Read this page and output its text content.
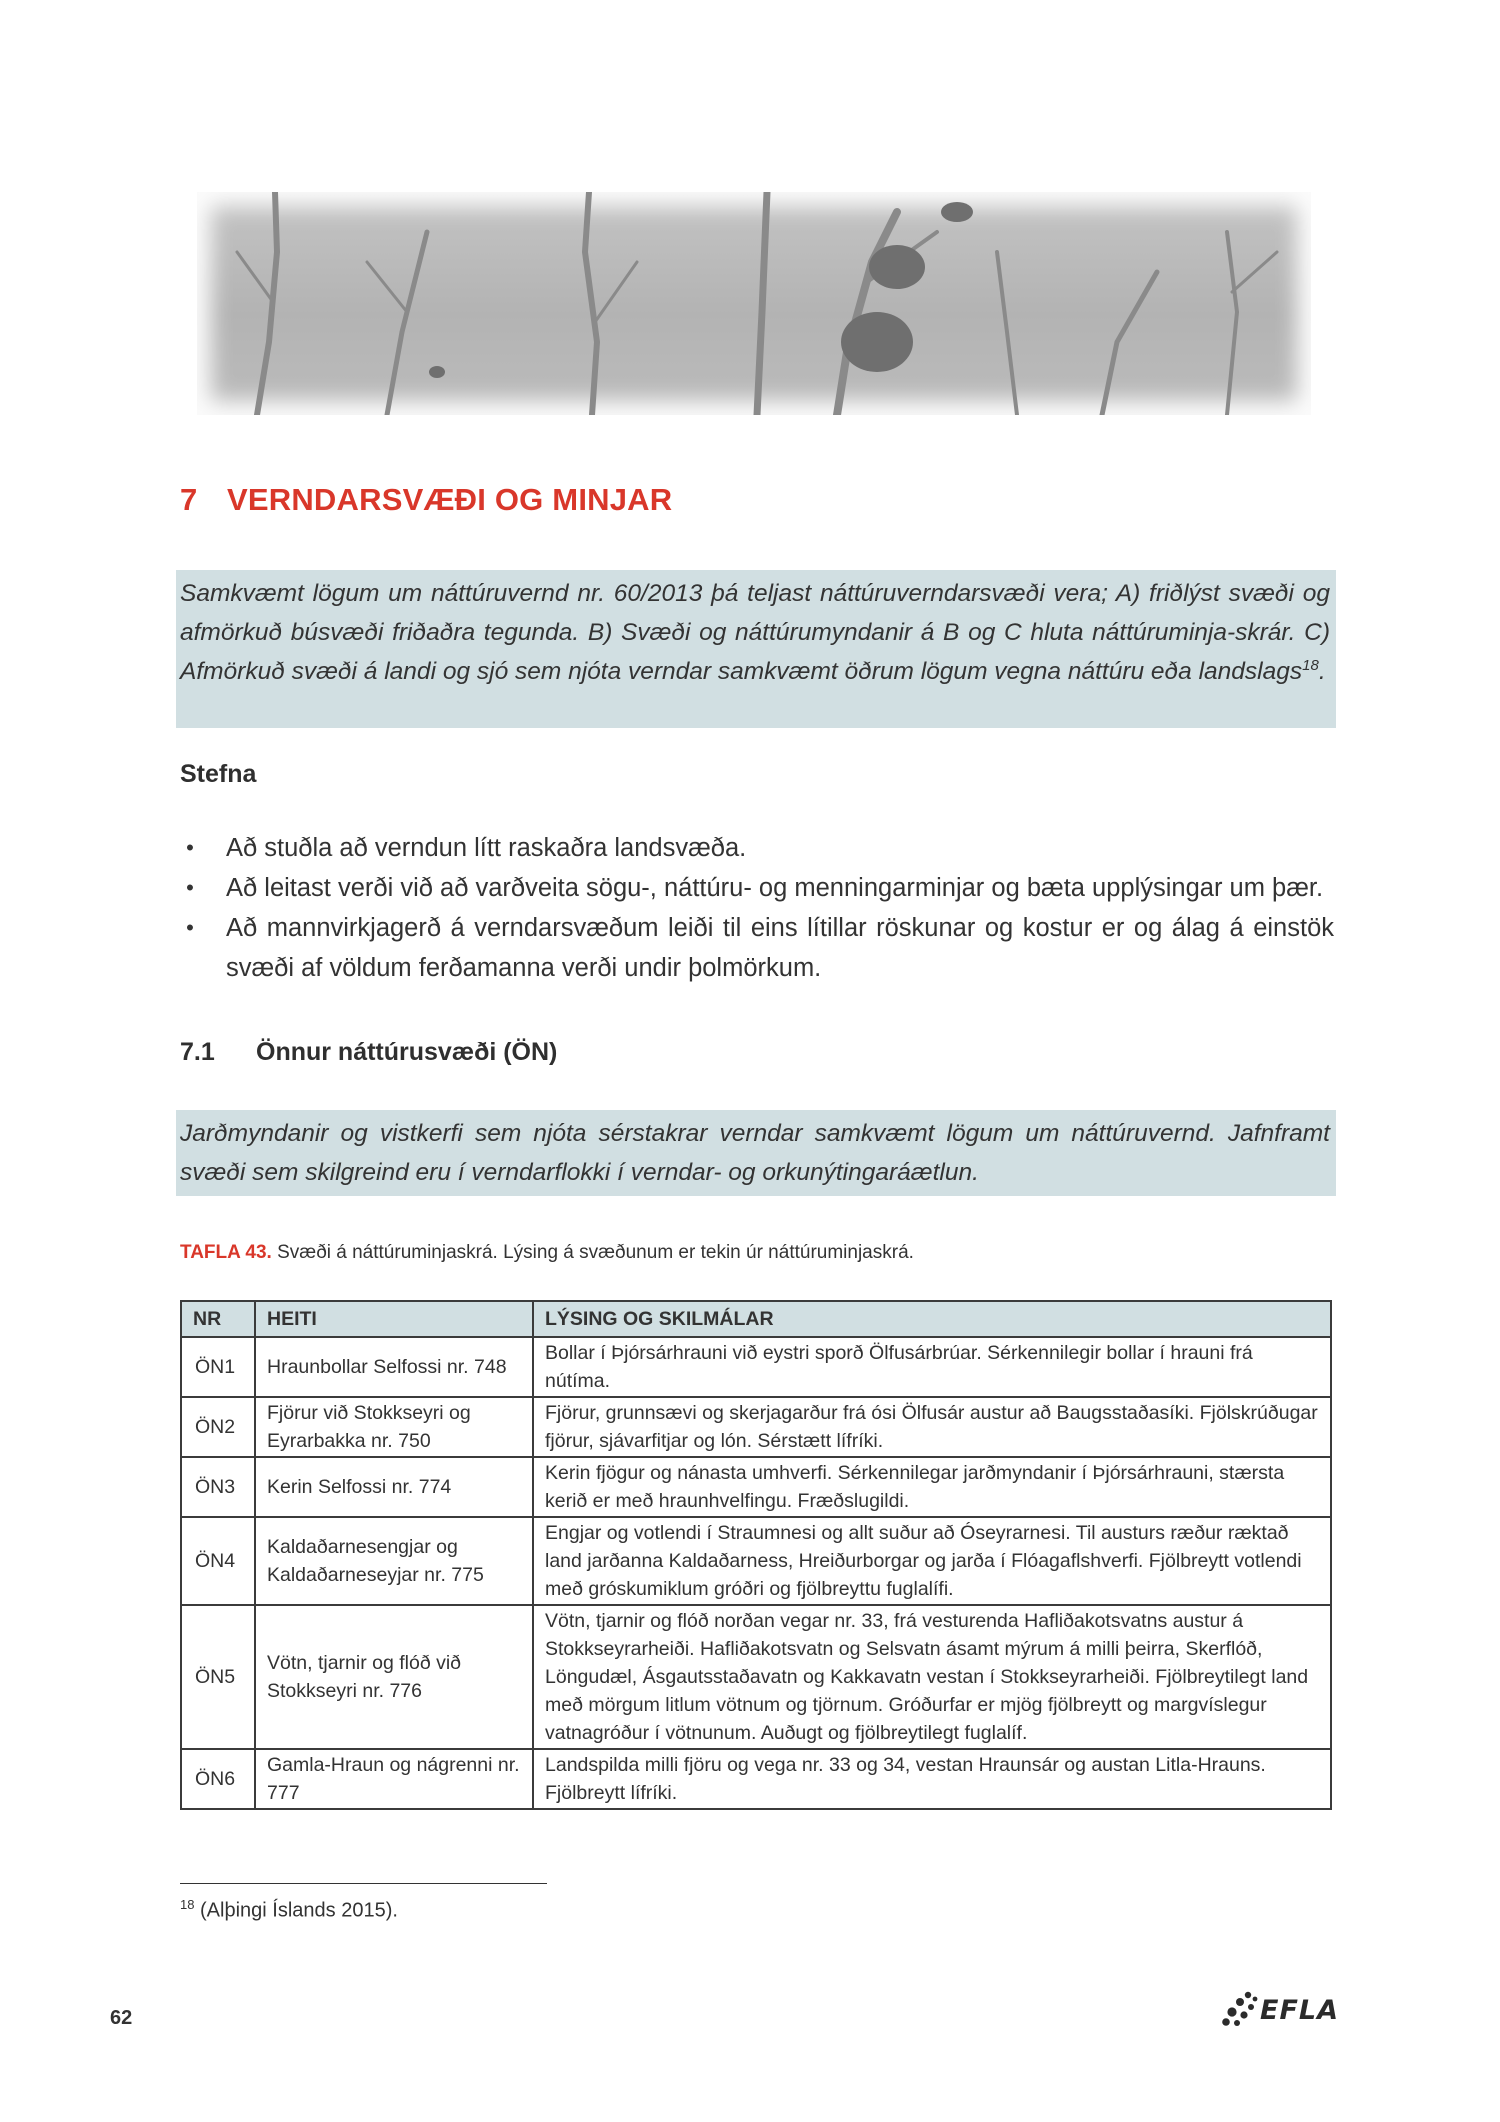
7 VERNDARSVÆÐI OG MINJAR
Samkvæmt lögum um náttúruvernd nr. 60/2013 þá teljast náttúruverndarsvæði vera; A) friðlýst svæði og afmörkuð búsvæði friðaðra tegunda. B) Svæði og náttúrumyndanir á B og C hluta náttúruminja-skrár. C) Afmörkuð svæði á landi og sjó sem njóta verndar samkvæmt öðrum lögum vegna náttúru eða landslags$^{18}$.
Stefna
• Að stuðla að verndun lítt raskaðra landsvæða.
• Að leitast verði við að varðveita sögu-, náttúru- og menningarminjar og bæta upplýsingar um þær.
• Að mannvirkjagerð á verndarsvæðum leiði til eins lítillar röskunar og kostur er og álag á einstök svæði af völdum ferðamanna verði undir þolmörkum.
7.1 Önnur náttúrusvæði (ÖN)
Jarðmyndanir og vistkerfi sem njóta sérstakrar verndar samkvæmt lögum um náttúruvernd. Jafnframt svæði sem skilgreind eru í verndarflokki í verndar- og orkunýtingaráætlun.
TAFLA 43. Svæði á náttúruminjaskrá. Lýsing á svæðunum er tekin úr náttúruminjaskrá.
NR	HEITI	LÝSING OG SKILMÁLAR
ÖN1	Hraunbollar Selfossi nr. 748	Bollar í Þjórsárhrauni við eystri sporð Ölfusárbrúar. Sérkennilegir bollar í hrauni frá nútíma.
ÖN2	Fjörur við Stokkseyri og Eyrarbakka nr. 750	Fjörur, grunnsævi og skerjagarður frá ósi Ölfusár austur að Baugsstaðasíki. Fjölskrúðugar fjörur, sjávarfitjar og lón. Sérstætt lífríki.
ÖN3	Kerin Selfossi nr. 774	Kerin fjögur og nánasta umhverfi. Sérkennilegar jarðmyndanir í Þjórsárhrauni, stærsta kerið er með hraunhvelfingu. Fræðslugildi.
ÖN4	Kaldaðarnesengjar og Kaldaðarneseyjar nr. 775	Engjar og votlendi í Straumnesi og allt suður að Óseyrarnesi. Til austurs ræður ræktað land jarðanna Kaldaðarness, Hreiðurborgar og jarða í Flóagaflshverfi. Fjölbreytt votlendi með gróskumiklum gróðri og fjölbreyttu fuglalífi.
ÖN5	Vötn, tjarnir og flóð við Stokkseyri nr. 776	Vötn, tjarnir og flóð norðan vegar nr. 33, frá vesturenda Hafliðakotsvatns austur á Stokkseyrarheiði. Hafliðakotsvatn og Selsvatn ásamt mýrum á milli þeirra, Skerflóð, Löngudæl, Ásgautsstaðavatn og Kakkavatn vestan í Stokkseyrarheiði. Fjölbreytilegt land með mörgum litlum vötnum og tjörnum. Gróðurfar er mjög fjölbreytt og margvíslegur vatnagróður í vötnunum. Auðugt og fjölbreytilegt fuglalíf.
ÖN6	Gamla-Hraun og nágrenni nr. 777	Landspilda milli fjöru og vega nr. 33 og 34, vestan Hraunsár og austan Litla-Hrauns. Fjölbreytt lífríki.
$^{18}$ (Alþingi Íslands 2015).
62	EFLA
